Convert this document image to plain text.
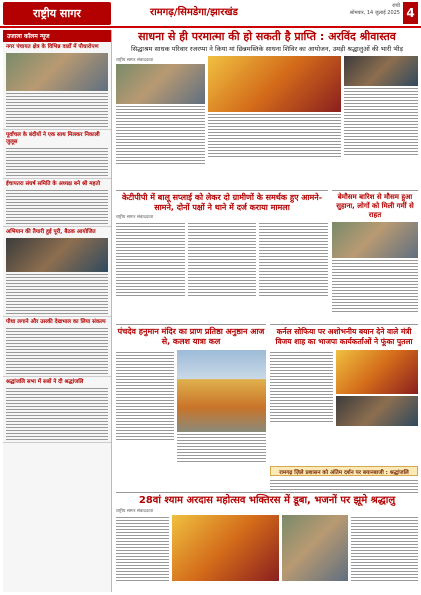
राष्ट्रीय सागर	रामगढ़/सिमडेगा/झारखंड
रांची
सोमवार, 14 जुलाई 2025 4
उजाला कॉलम न्यूज
नगर पंचायत क्षेत्र के विभिन्न वार्डों में पौधारोपण
पूर्वांचल के बंदीयों ने एक साथ मिलकर निकाली जुलूस
ईचापतरा संघर्ष समिति के अध्यक्ष बने श्री महतो
अभियान की तैयारी हुई पूरी, बैठक आयोजित
पौधा लगाने और उसकी देखभाल का लिया संकल्प
श्रद्धांजलि सभा में सबों ने दी श्रद्धांजलि
साधना से ही परमात्मा की हो सकती है प्राप्ति : अरविंद श्रीवास्तव
सिद्धाश्रम साधक परिवार रजरप्पा ने किया मां छिन्नमस्तिके साधना शिविर का आयोजन, उमड़ी श्रद्धालुओं की भारी भीड़
राष्ट्रीय सागर संवाददाता
केटीपीपी में बालू सप्लाई को लेकर दो ग्रामीणों के समर्थक हुए आमने-सामने, दोनों पक्षों ने थाने में दर्ज कराया मामला
राष्ट्रीय सागर संवाददाता
बेमौसम बारिश से मौसम हुआ सुहाना, लोगों को मिली गर्मी से राहत
पंचदेव हनुमान मंदिर का प्राण प्रतिष्ठा अनुष्ठान आज से, कलश यात्रा कल
कर्नल सोफिया पर अशोभनीय बयान देने वाले मंत्री विजय शाह का भाजपा कार्यकर्ताओं ने फूंका पुतला
रामगढ़ ज़िले प्रशासन को अंतिम दर्शन पर बयानबाजी : श्रद्धांजलि
28वां श्याम अरदास महोत्सव भक्तिरस में डूबा, भजनों पर झूमे श्रद्धालु
राष्ट्रीय सागर संवाददाता
